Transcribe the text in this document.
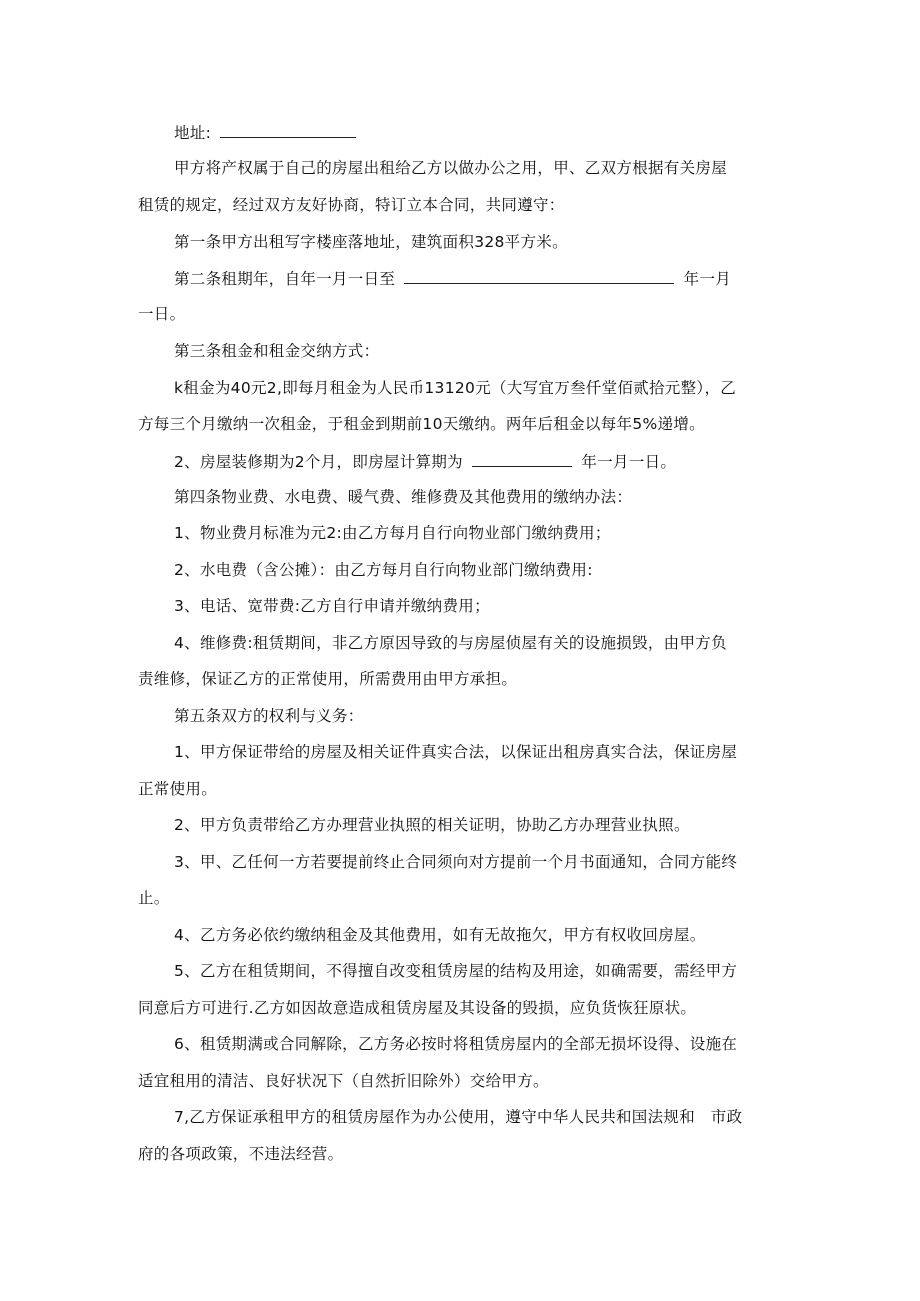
地址:
甲方将产权属于自己的房屋出租给乙方以做办公之用，甲、乙双方根据有关房屋
租赁的规定，经过双方友好协商，特订立本合同，共同遵守：
第一条甲方出租写字楼座落地址，建筑面积328平方米。
第二条租期年，自年一月一日至	年一月
一日。
第三条租金和租金交纳方式：
k租金为40元2,即每月租金为人民币13120元（大写宜万叁仟堂佰贰拾元整），乙
方每三个月缴纳一次租金，于租金到期前10天缴纳。两年后租金以每年5%递增。
2、房屋装修期为2个月，即房屋计算期为	年一月一日。
第四条物业费、水电费、暖气费、维修费及其他费用的缴纳办法：
1、物业费月标准为元2:由乙方每月自行向物业部门缴纳费用；
2、水电费（含公摊）：由乙方每月自行向物业部门缴纳费用:
3、电话、宽带费:乙方自行申请并缴纳费用；
4、维修费:租赁期间，非乙方原因导致的与房屋侦屋有关的设施损毁，由甲方负
责维修，保证乙方的正常使用，所需费用由甲方承担。
第五条双方的权利与义务：
1、甲方保证带给的房屋及相关证件真实合法，以保证出租房真实合法，保证房屋
正常使用。
2、甲方负责带给乙方办理营业执照的相关证明，协助乙方办理营业执照。
3、甲、乙任何一方若要提前终止合同须向对方提前一个月书面通知，合同方能终
止。
4、乙方务必依约缴纳租金及其他费用，如有无故拖欠，甲方有权收回房屋。
5、乙方在租赁期间，不得擅自改变租赁房屋的结构及用途，如确需要，需经甲方
同意后方可进行.乙方如因故意造成租赁房屋及其设备的毁损，应负货恢狂原状。
6、租赁期满或合同解除，乙方务必按时将租赁房屋内的全部无损坏设得、设施在
适宜租用的清洁、良好状况下（自然折旧除外）交给甲方。
7,乙方保证承租甲方的租赁房屋作为办公使用，遵守中华人民共和国法规和　市政
府的各项政策，不违法经营。
